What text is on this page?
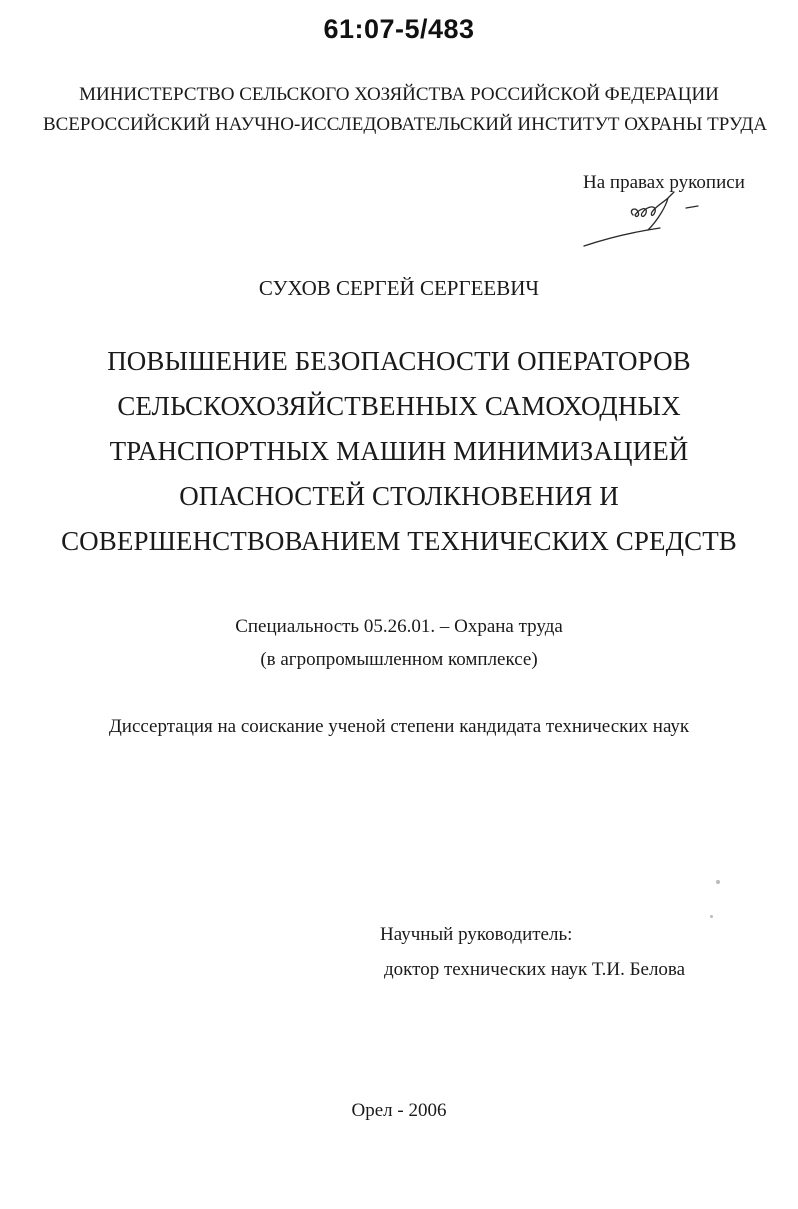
61:07-5/483
МИНИСТЕРСТВО СЕЛЬСКОГО ХОЗЯЙСТВА РОССИЙСКОЙ ФЕДЕРАЦИИ
ВСЕРОССИЙСКИЙ НАУЧНО-ИССЛЕДОВАТЕЛЬСКИЙ ИНСТИТУТ ОХРАНЫ ТРУДА
На правах рукописи
СУХОВ СЕРГЕЙ СЕРГЕЕВИЧ
ПОВЫШЕНИЕ БЕЗОПАСНОСТИ ОПЕРАТОРОВ
СЕЛЬСКОХОЗЯЙСТВЕННЫХ САМОХОДНЫХ
ТРАНСПОРТНЫХ МАШИН МИНИМИЗАЦИЕЙ
ОПАСНОСТЕЙ СТОЛКНОВЕНИЯ И
СОВЕРШЕНСТВОВАНИЕМ ТЕХНИЧЕСКИХ СРЕДСТВ
Специальность 05.26.01. – Охрана труда
(в агропромышленном комплексе)
Диссертация на соискание ученой степени кандидата технических наук
Научный руководитель:
доктор технических наук Т.И. Белова
Орел - 2006
